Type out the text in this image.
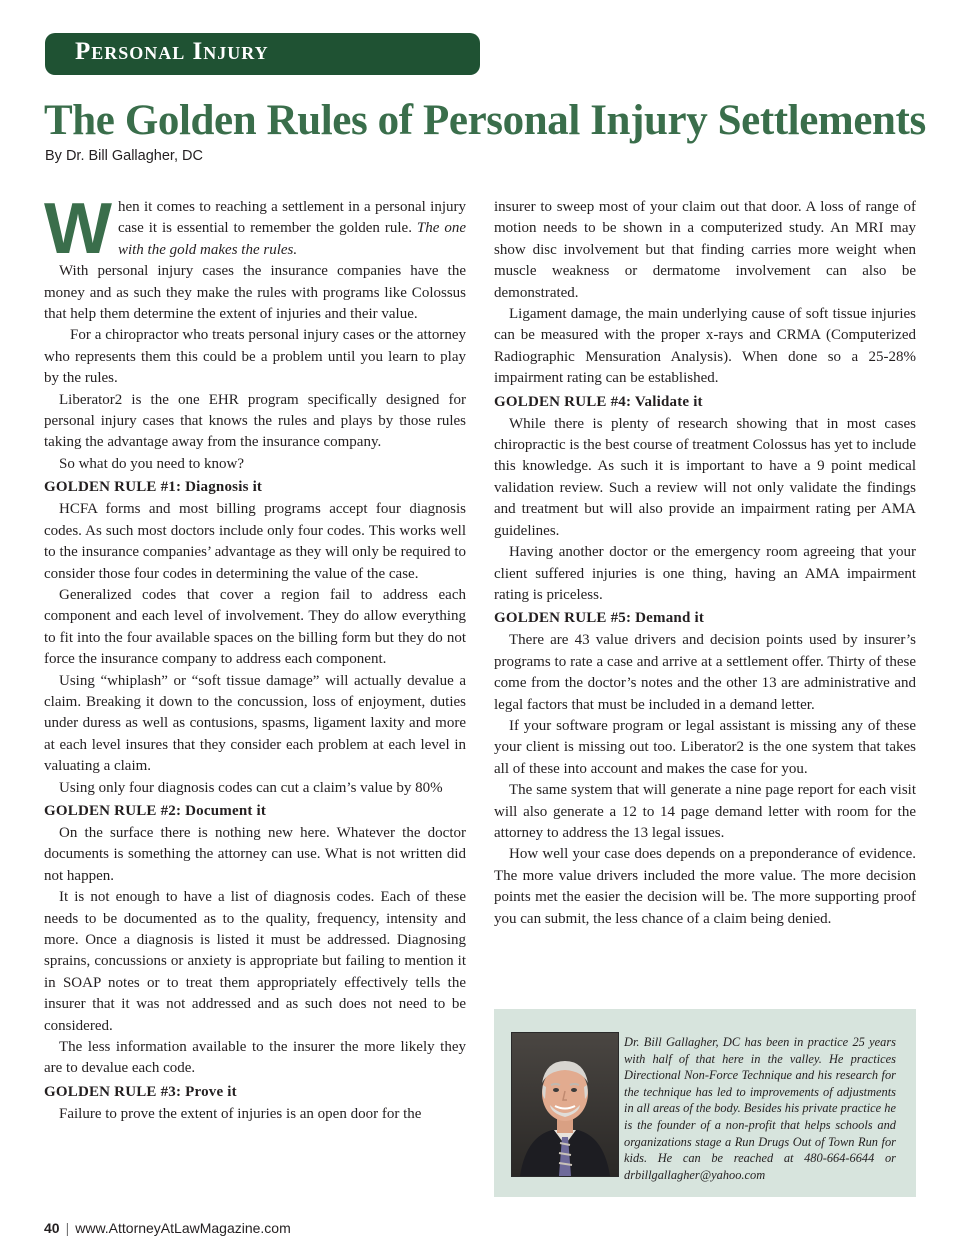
Personal Injury
The Golden Rules of Personal Injury Settlements
By Dr. Bill Gallagher, DC

W hen it comes to reaching a settlement in a personal injury case it is essential to remember the golden rule. The one with the gold makes the rules.

With personal injury cases the insurance companies have the money and as such they make the rules with programs like Colossus that help them determine the extent of injuries and their value.

For a chiropractor who treats personal injury cases or the attorney who represents them this could be a problem until you learn to play by the rules.

Liberator2 is the one EHR program specifically designed for personal injury cases that knows the rules and plays by those rules taking the advantage away from the insurance company.

So what do you need to know?

GOLDEN RULE #1: Diagnosis it

HCFA forms and most billing programs accept four diagnosis codes. As such most doctors include only four codes. This works well to the insurance companies’ advantage as they will only be required to consider those four codes in determining the value of the case.

Generalized codes that cover a region fail to address each component and each level of involvement. They do allow everything to fit into the four available spaces on the billing form but they do not force the insurance company to address each component.

Using “whiplash” or “soft tissue damage” will actually devalue a claim. Breaking it down to the concussion, loss of enjoyment, duties under duress as well as contusions, spasms, ligament laxity and more at each level insures that they consider each problem at each level in valuating a claim.

Using only four diagnosis codes can cut a claim’s value by 80%

GOLDEN RULE #2: Document it

On the surface there is nothing new here. Whatever the doctor documents is something the attorney can use. What is not written did not happen.

It is not enough to have a list of diagnosis codes. Each of these needs to be documented as to the quality, frequency, intensity and more. Once a diagnosis is listed it must be addressed. Diagnosing sprains, concussions or anxiety is appropriate but failing to mention it in SOAP notes or to treat them appropriately effectively tells the insurer that it was not addressed and as such does not need to be considered.

The less information available to the insurer the more likely they are to devalue each code.

GOLDEN RULE #3: Prove it

Failure to prove the extent of injuries is an open door for the

insurer to sweep most of your claim out that door. A loss of range of motion needs to be shown in a computerized study. An MRI may show disc involvement but that finding carries more weight when muscle weakness or dermatome involvement can also be demonstrated.

Ligament damage, the main underlying cause of soft tissue injuries can be measured with the proper x-rays and CRMA (Computerized Radiographic Mensuration Analysis). When done so a 25-28% impairment rating can be established.

GOLDEN RULE #4: Validate it

While there is plenty of research showing that in most cases chiropractic is the best course of treatment Colossus has yet to include this knowledge. As such it is important to have a 9 point medical validation review. Such a review will not only validate the findings and treatment but will also provide an impairment rating per AMA guidelines.

Having another doctor or the emergency room agreeing that your client suffered injuries is one thing, having an AMA impairment rating is priceless.

GOLDEN RULE #5: Demand it

There are 43 value drivers and decision points used by insurer’s programs to rate a case and arrive at a settlement offer. Thirty of these come from the doctor’s notes and the other 13 are administrative and legal factors that must be included in a demand letter.

If your software program or legal assistant is missing any of these your client is missing out too. Liberator2 is the one system that takes all of these into account and makes the case for you.

The same system that will generate a nine page report for each visit will also generate a 12 to 14 page demand letter with room for the attorney to address the 13 legal issues.

How well your case does depends on a preponderance of evidence. The more value drivers included the more value. The more decision points met the easier the decision will be. The more supporting proof you can submit, the less chance of a claim being denied.

Dr. Bill Gallagher, DC has been in practice 25 years with half of that here in the valley. He practices Directional Non-Force Technique and his research for the technique has led to improvements of adjustments in all areas of the body. Besides his private practice he is the founder of a non-profit that helps schools and organizations stage a Run Drugs Out of Town Run for kids. He can be reached at 480-664-6644 or drbillgallagher@yahoo.com
40 | www.AttorneyAtLawMagazine.com
